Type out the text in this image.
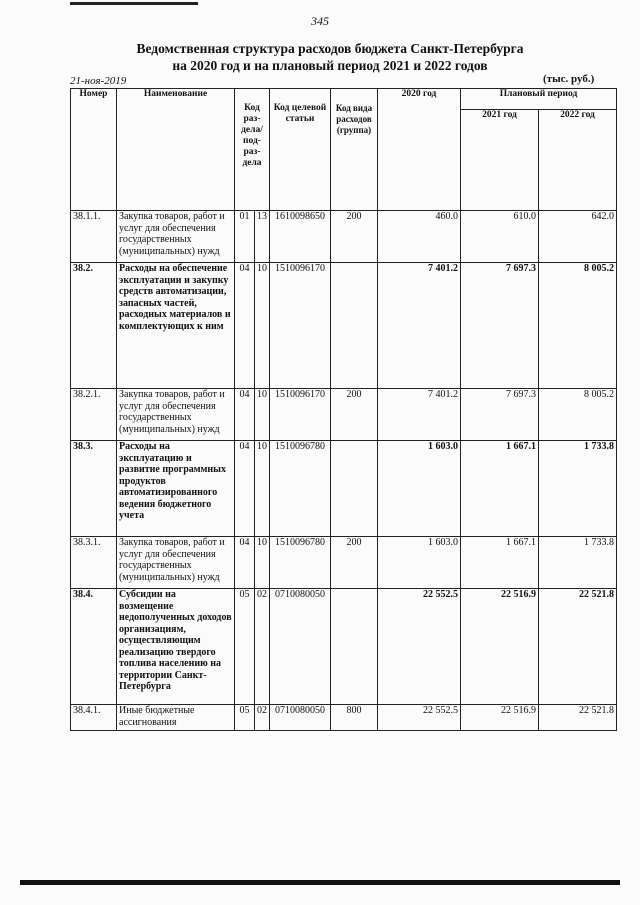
345
Ведомственная структура расходов бюджета Санкт-Петербурга
на 2020 год и на плановый период 2021 и 2022 годов
21-ноя-2019	(тыс. руб.)
Номер	Наименование	Код раз-дела/ под-раз-дела		Код целевой статьи	Код вида расходов (группа)	2020 год	Плановый период	
							2021 год	2022 год
38.1.1.	Закупка товаров, работ и услуг для обеспечения государственных (муниципальных) нужд	01	13	1610098650	200	460.0	610.0	642.0
38.2.	Расходы на обеспечение эксплуатации и закупку средств автоматизации, запасных частей, расходных материалов и комплектующих к ним	04	10	1510096170		7 401.2	7 697.3	8 005.2
38.2.1.	Закупка товаров, работ и услуг для обеспечения государственных (муниципальных) нужд	04	10	1510096170	200	7 401.2	7 697.3	8 005.2
38.3.	Расходы на эксплуатацию и развитие программных продуктов автоматизированного ведения бюджетного учета	04	10	1510096780		1 603.0	1 667.1	1 733.8
38.3.1.	Закупка товаров, работ и услуг для обеспечения государственных (муниципальных) нужд	04	10	1510096780	200	1 603.0	1 667.1	1 733.8
38.4.	Субсидии на возмещение недополученных доходов организациям, осуществляющим реализацию твердого топлива населению на территории Санкт-Петербурга	05	02	0710080050		22 552.5	22 516.9	22 521.8
38.4.1.	Иные бюджетные ассигнования	05	02	0710080050	800	22 552.5	22 516.9	22 521.8
